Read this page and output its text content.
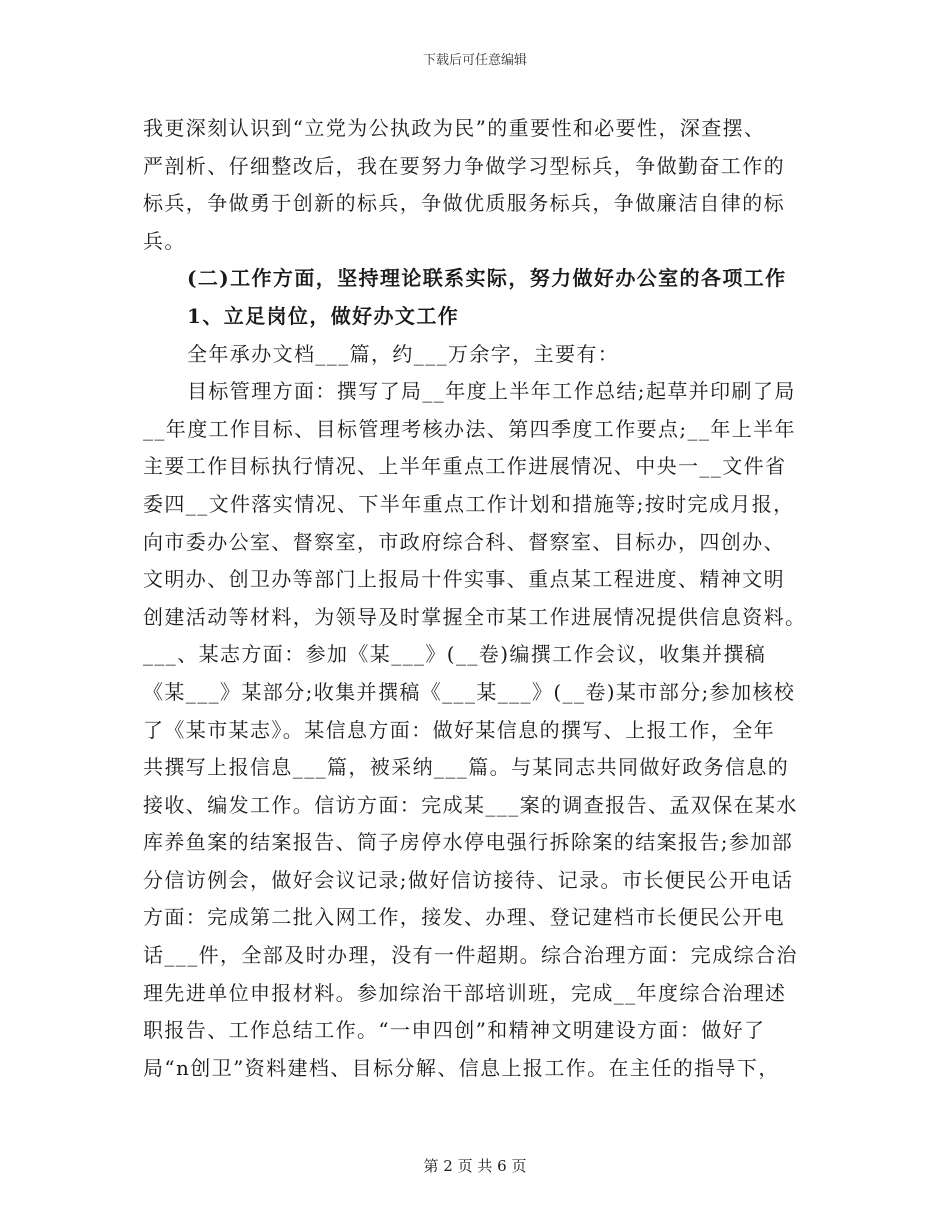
下载后可任意编辑
我更深刻认识到“立党为公执政为民”的重要性和必要性，深查摆、
严剖析、仔细整改后，我在要努力争做学习型标兵，争做勤奋工作的
标兵，争做勇于创新的标兵，争做优质服务标兵，争做廉洁自律的标
兵。
(二)工作方面，坚持理论联系实际，努力做好办公室的各项工作
1、立足岗位，做好办文工作
全年承办文档___篇，约___万余字，主要有：
目标管理方面：撰写了局__年度上半年工作总结;起草并印刷了局
__年度工作目标、目标管理考核办法、第四季度工作要点;__年上半年
主要工作目标执行情况、上半年重点工作进展情况、中央一__文件省
委四__文件落实情况、下半年重点工作计划和措施等;按时完成月报，
向市委办公室、督察室，市政府综合科、督察室、目标办，四创办、
文明办、创卫办等部门上报局十件实事、重点某工程进度、精神文明
创建活动等材料，为领导及时掌握全市某工作进展情况提供信息资料。
___、某志方面：参加《某___》(__卷)编撰工作会议，收集并撰稿
《某___》某部分;收集并撰稿《___某___》(__卷)某市部分;参加核校
了《某市某志》。某信息方面：做好某信息的撰写、上报工作，全年
共撰写上报信息___篇，被采纳___篇。与某同志共同做好政务信息的
接收、编发工作。信访方面：完成某___案的调查报告、孟双保在某水
库养鱼案的结案报告、筒子房停水停电强行拆除案的结案报告;参加部
分信访例会，做好会议记录;做好信访接待、记录。市长便民公开电话
方面：完成第二批入网工作，接发、办理、登记建档市长便民公开电
话___件，全部及时办理，没有一件超期。综合治理方面：完成综合治
理先进单位申报材料。参加综治干部培训班，完成__年度综合治理述
职报告、工作总结工作。“一申四创”和精神文明建设方面：做好了
局“n创卫”资料建档、目标分解、信息上报工作。在主任的指导下，
第 2 页 共 6 页
